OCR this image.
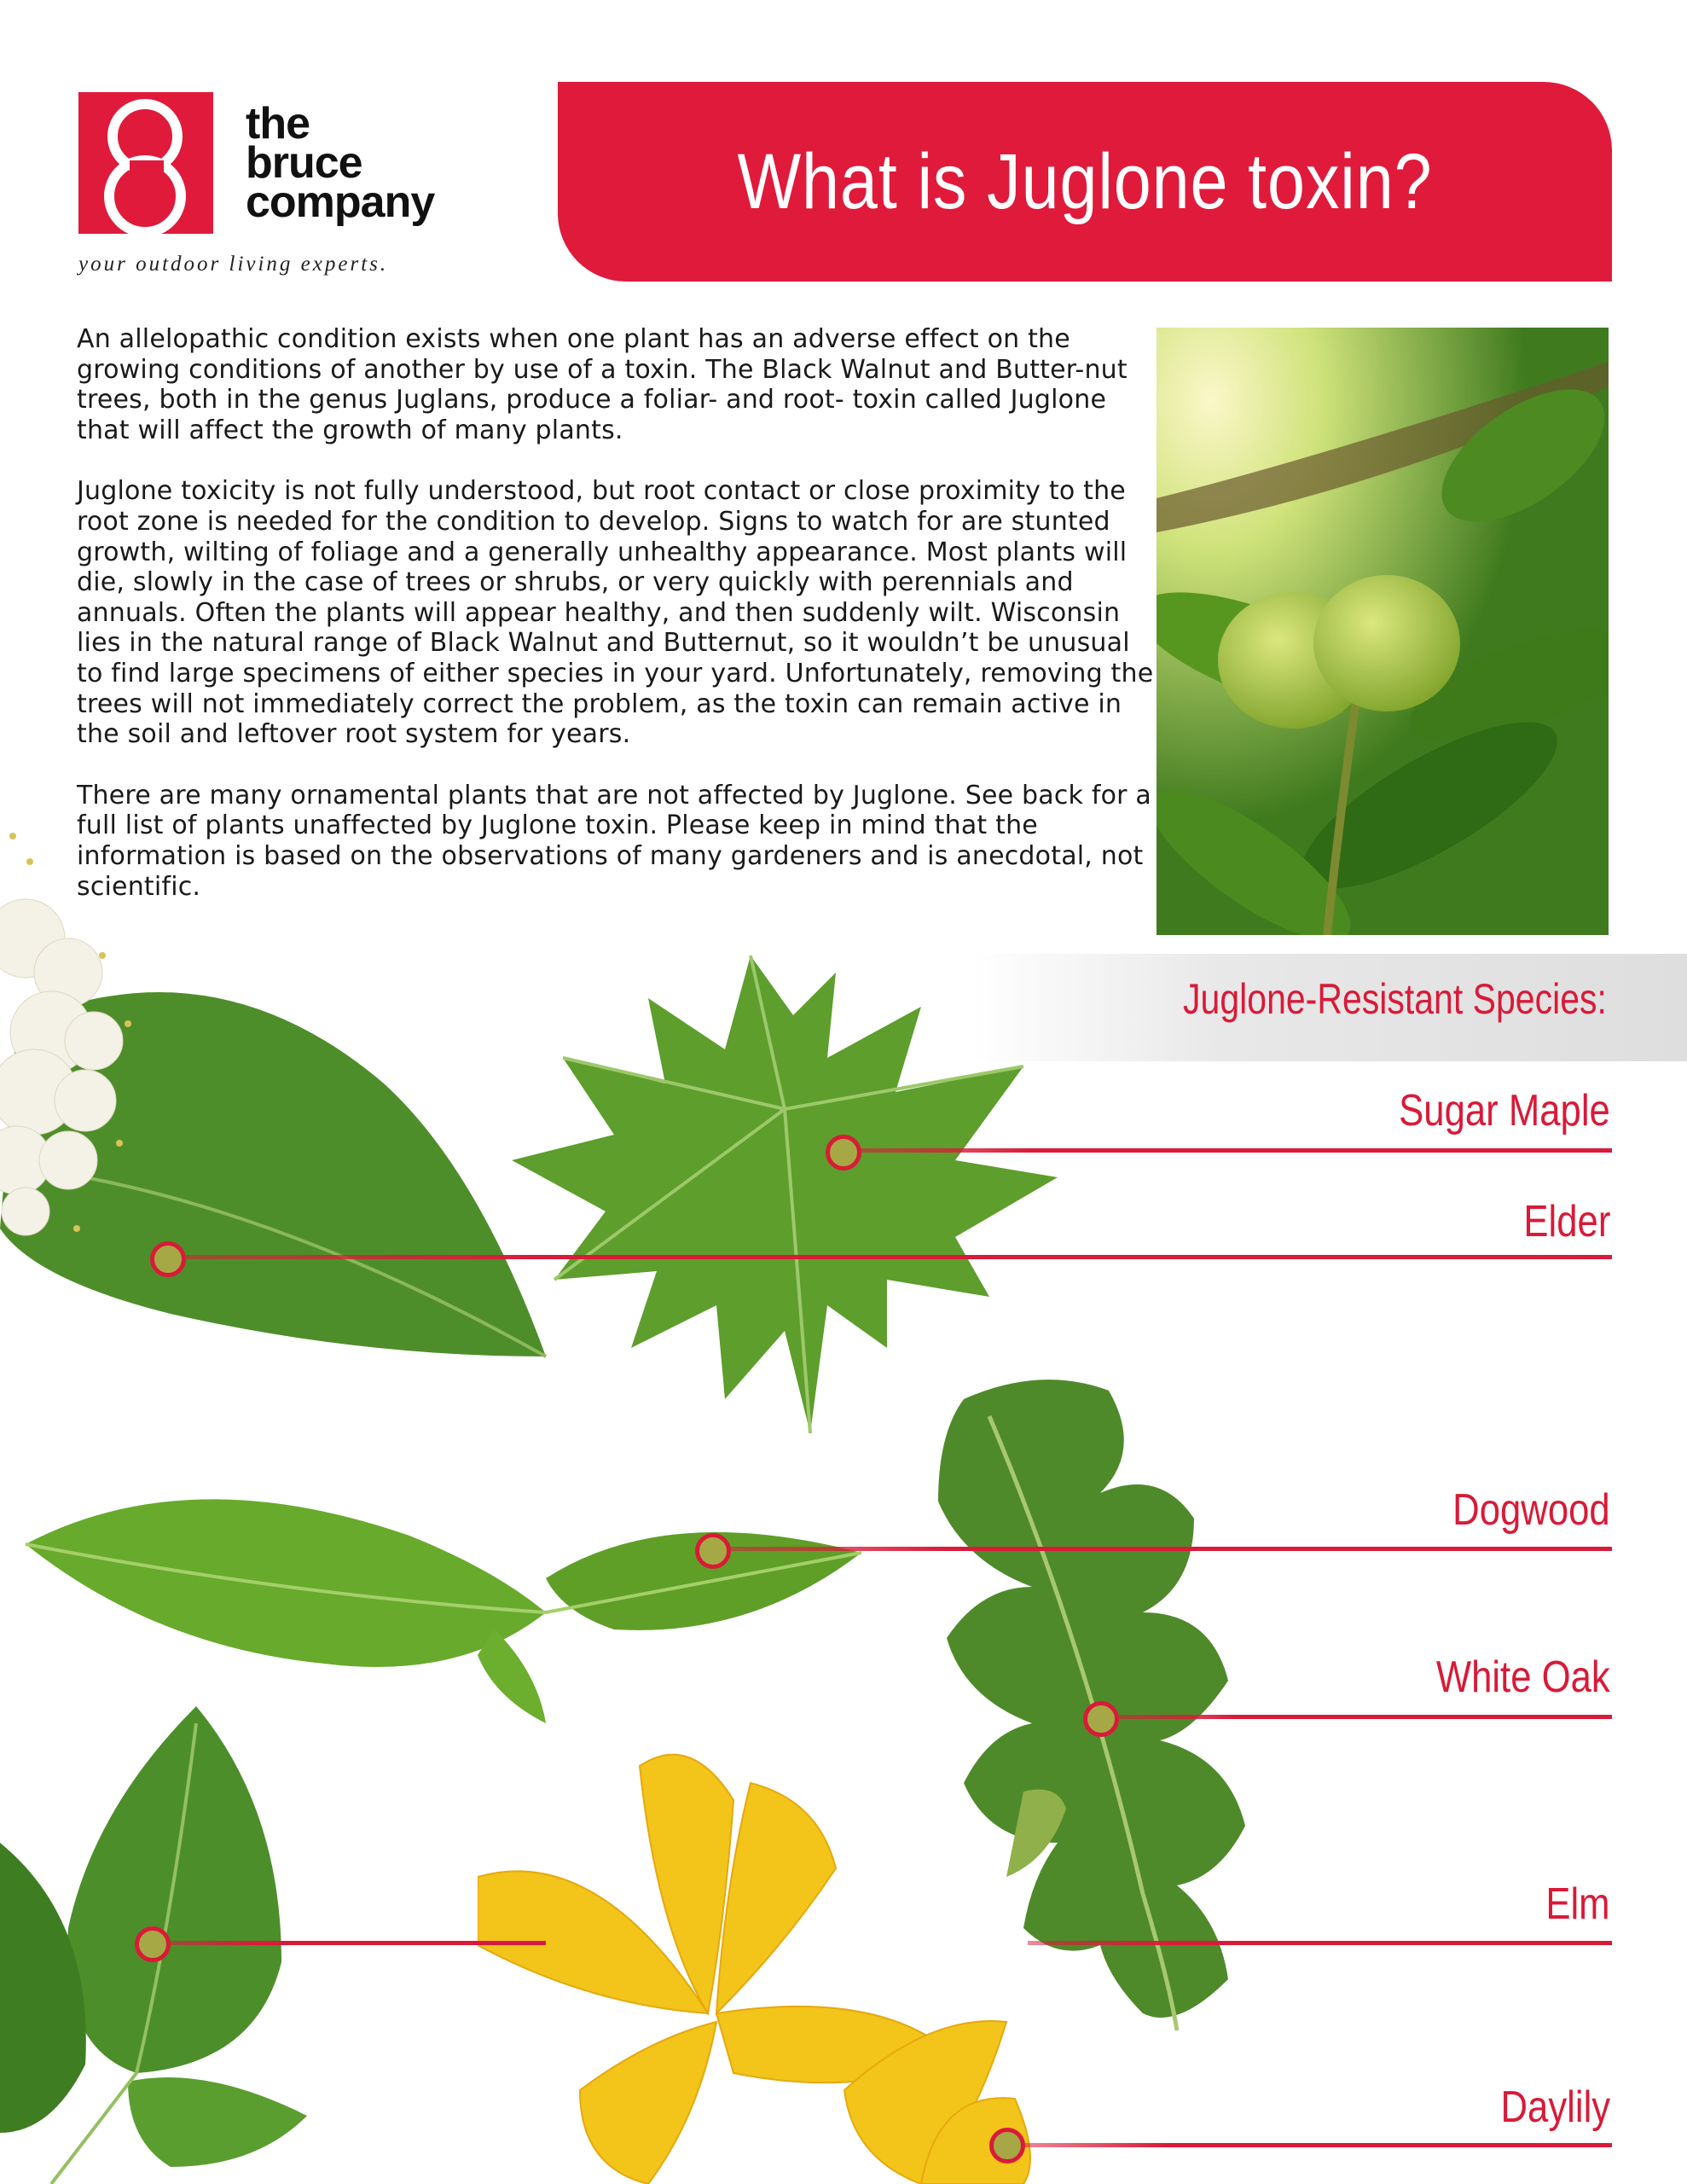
the
bruce
company
your outdoor living experts.
What is Juglone toxin?

An allelopathic condition exists when one plant has an adverse effect on the growing conditions of another by use of a toxin. The Black Walnut and Butter-nut trees, both in the genus Juglans, produce a foliar- and root- toxin called Juglone that will affect the growth of many plants.

Juglone toxicity is not fully understood, but root contact or close proximity to the root zone is needed for the condition to develop. Signs to watch for are stunted growth, wilting of foliage and a generally unhealthy appearance. Most plants will die, slowly in the case of trees or shrubs, or very quickly with perennials and annuals. Often the plants will appear healthy, and then suddenly wilt. Wisconsin lies in the natural range of Black Walnut and Butternut, so it wouldn’t be unusual to find large specimens of either species in your yard. Unfortunately, removing the trees will not immediately correct the problem, as the toxin can remain active in the soil and leftover root system for years.

There are many ornamental plants that are not affected by Juglone. See back for a full list of plants unaffected by Juglone toxin. Please keep in mind that the information is based on the observations of many gardeners and is anecdotal, not scientific.

Juglone-Resistant Species:
Sugar Maple
Elder
Dogwood
White Oak
Elm
Daylily
